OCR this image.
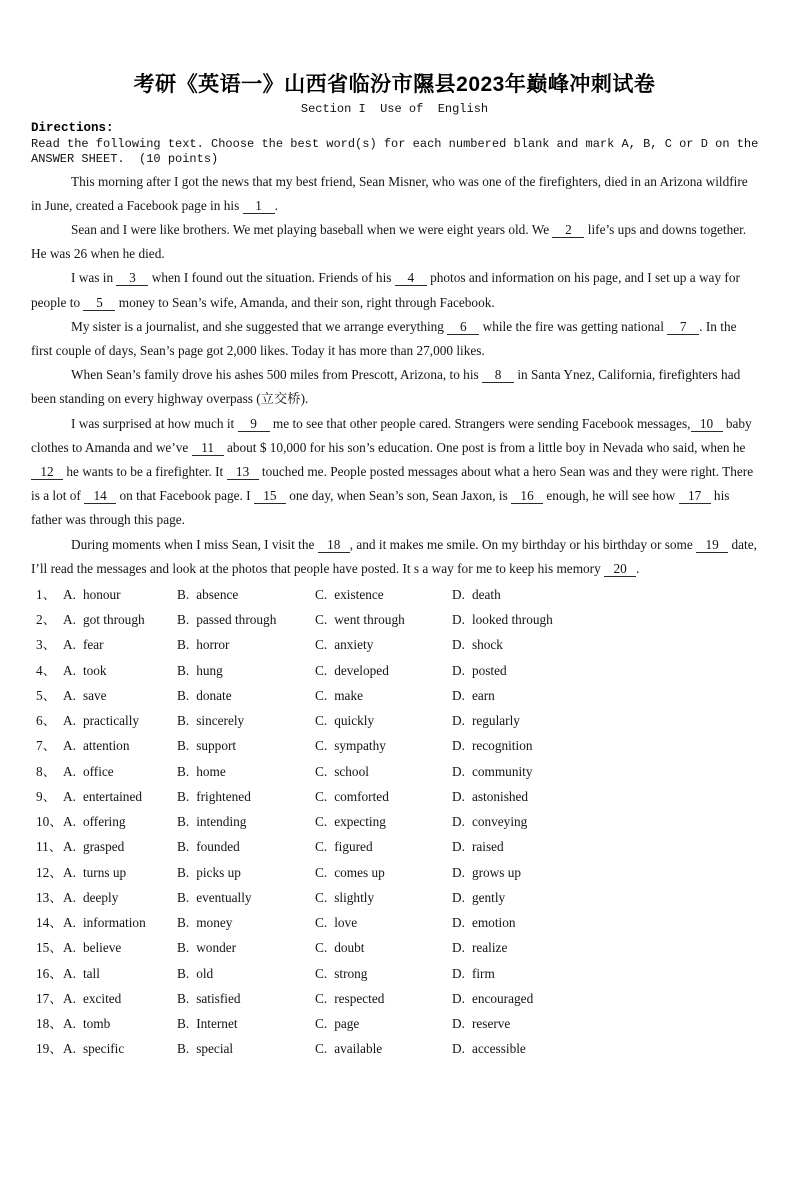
考研《英语一》山西省临汾市隰县2023年巅峰冲刺试卷
Section I  Use of  English
Directions:
Read the following text. Choose the best word(s) for each numbered blank and mark A, B, C or D on the
ANSWER SHEET.  (10 points)

This morning after I got the news that my best friend, Sean Misner, who was one of the firefighters, died in an Arizona wildfire in June, created a Facebook page in his 1 .

Sean and I were like brothers. We met playing baseball when we were eight years old. We 2 life’s ups and downs together. He was 26 when he died.

I was in 3 when I found out the situation. Friends of his 4 photos and information on his page, and I set up a way for people to 5 money to Sean’s wife, Amanda, and their son, right through Facebook.

My sister is a journalist, and she suggested that we arrange everything 6 while the fire was getting national 7 . In the first couple of days, Sean’s page got 2,000 likes. Today it has more than 27,000 likes.

When Sean’s family drove his ashes 500 miles from Prescott, Arizona, to his 8 in Santa Ynez, California, firefighters had been standing on every highway overpass (立交桥).

I was surprised at how much it 9 me to see that other people cared. Strangers were sending Facebook messages, 10 baby clothes to Amanda and we’ve 11 about $ 10,000 for his son’s education. One post is from a little boy in Nevada who said, when he 12 he wants to be a firefighter. It 13 touched me. People posted messages about what a hero Sean was and they were right. There is a lot of 14 on that Facebook page. I 15 one day, when Sean’s son, Sean Jaxon, is 16 enough, he will see how 17 his father was through this page.

During moments when I miss Sean, I visit the 18 , and it makes me smile. On my birthday or his birthday or some 19 date, I’ll read the messages and look at the photos that people have posted. It s a way for me to keep his memory 20 .

1、 A. honour	B. absence	C. existence	D. death
2、 A. got through	B. passed through	C. went through	D. looked through
3、 A. fear	B. horror	C. anxiety	D. shock
4、 A. took	B. hung	C. developed	D. posted
5、 A. save	B. donate	C. make	D. earn
6、 A. practically	B. sincerely	C. quickly	D. regularly
7、 A. attention	B. support	C. sympathy	D. recognition
8、 A. office	B. home	C. school	D. community
9、 A. entertained	B. frightened	C. comforted	D. astonished
10、 A. offering	B. intending	C. expecting	D. conveying
11、 A. grasped	B. founded	C. figured	D. raised
12、 A. turns up	B. picks up	C. comes up	D. grows up
13、 A. deeply	B. eventually	C. slightly	D. gently
14、 A. information	B. money	C. love	D. emotion
15、 A. believe	B. wonder	C. doubt	D. realize
16、 A. tall	B. old	C. strong	D. firm
17、 A. excited	B. satisfied	C. respected	D. encouraged
18、 A. tomb	B. Internet	C. page	D. reserve
19、 A. specific	B. special	C. available	D. accessible
